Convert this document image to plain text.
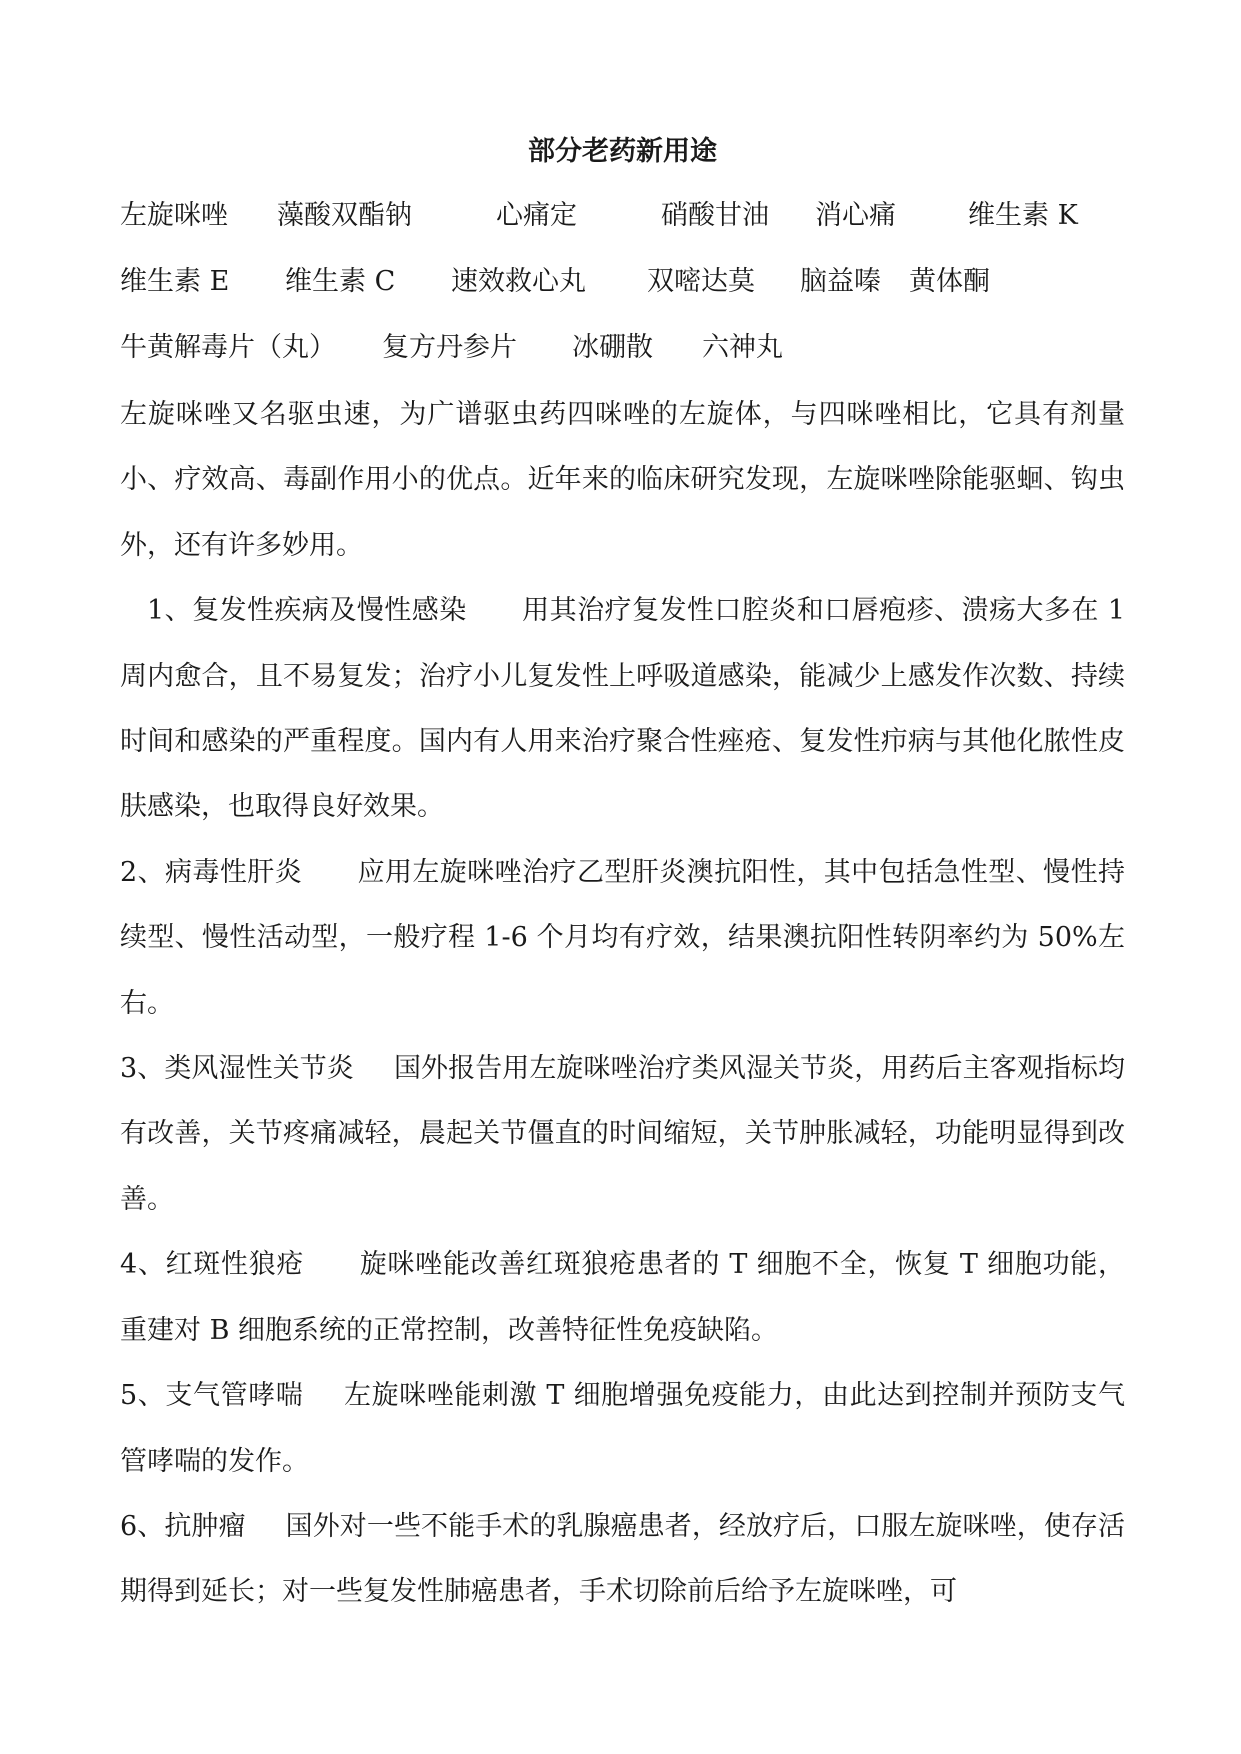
部分老药新用途
左旋咪唑 藻酸双酯钠	心痛定	硝酸甘油 消心痛	维生素 K
维生素 E 维生素 C 速效救心丸 双嘧达莫 脑益嗪 黄体酮
牛黄解毒片（丸） 复方丹参片 冰硼散 六神丸

左旋咪唑又名驱虫速，为广谱驱虫药四咪唑的左旋体，与四咪唑相比，它具有剂量小、疗效高、毒副作用小的优点。近年来的临床研究发现，左旋咪唑除能驱蛔、钩虫外，还有许多妙用。

1、复发性疾病及慢性感染 用其治疗复发性口腔炎和口唇疱疹、溃疡大多在 1 周内愈合，且不易复发；治疗小儿复发性上呼吸道感染，能减少上感发作次数、持续时间和感染的严重程度。国内有人用来治疗聚合性痤疮、复发性疖病与其他化脓性皮肤感染，也取得良好效果。

2、病毒性肝炎 应用左旋咪唑治疗乙型肝炎澳抗阳性，其中包括急性型、慢性持续型、慢性活动型，一般疗程 1-6 个月均有疗效，结果澳抗阳性转阴率约为 50%左右。

3、类风湿性关节炎 国外报告用左旋咪唑治疗类风湿关节炎，用药后主客观指标均有改善，关节疼痛减轻，晨起关节僵直的时间缩短，关节肿胀减轻，功能明显得到改善。

4、红斑性狼疮 旋咪唑能改善红斑狼疮患者的 T 细胞不全，恢复 T 细胞功能，重建对 B 细胞系统的正常控制，改善特征性免疫缺陷。

5、支气管哮喘 左旋咪唑能刺激 T 细胞增强免疫能力，由此达到控制并预防支气管哮喘的发作。

6、抗肿瘤 国外对一些不能手术的乳腺癌患者，经放疗后，口服左旋咪唑，使存活期得到延长；对一些复发性肺癌患者，手术切除前后给予左旋咪唑，可
